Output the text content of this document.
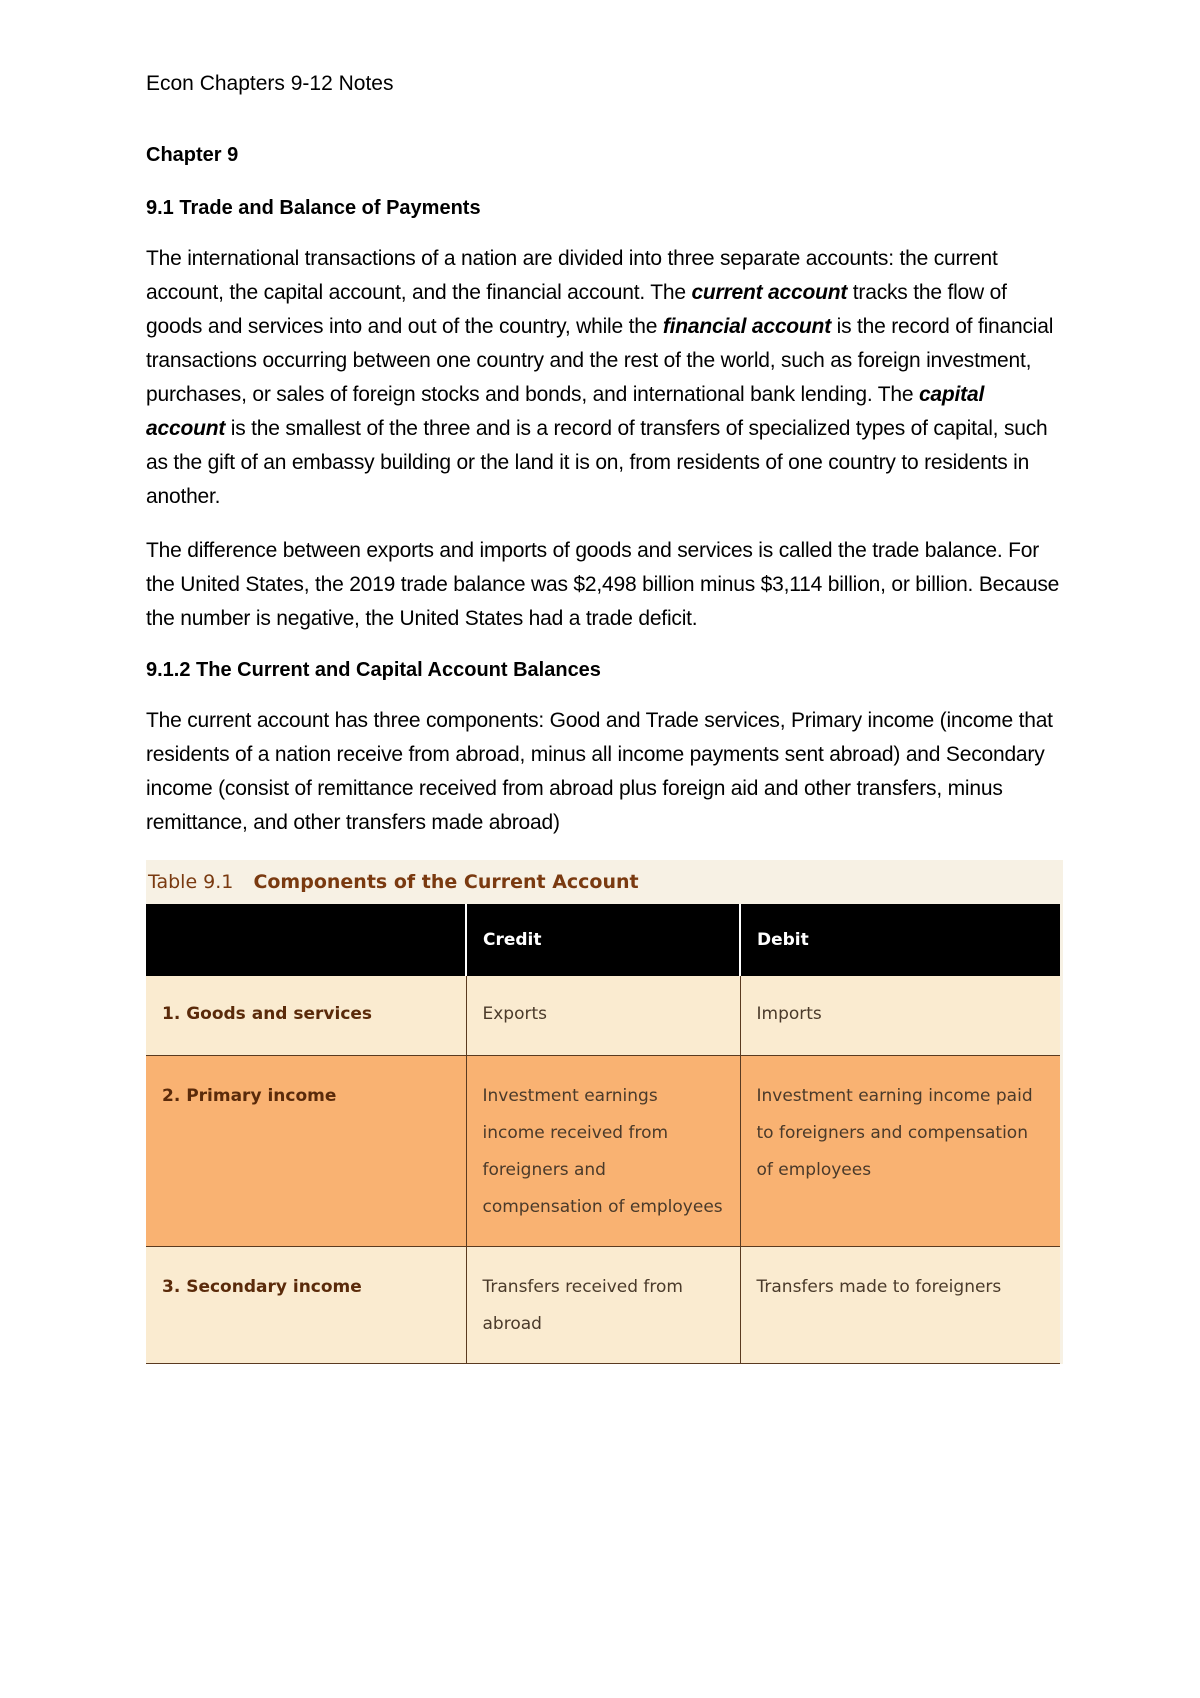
Econ Chapters 9-12 Notes
Chapter 9
9.1 Trade and Balance of Payments

The international transactions of a nation are divided into three separate accounts: the current account, the capital account, and the financial account. The current account tracks the flow of goods and services into and out of the country, while the financial account is the record of financial transactions occurring between one country and the rest of the world, such as foreign investment, purchases, or sales of foreign stocks and bonds, and international bank lending. The capital account is the smallest of the three and is a record of transfers of specialized types of capital, such as the gift of an embassy building or the land it is on, from residents of one country to residents in another.

The difference between exports and imports of goods and services is called the trade balance. For the United States, the 2019 trade balance was $2,498 billion minus $3,114 billion, or billion. Because the number is negative, the United States had a trade deficit.

9.1.2 The Current and Capital Account Balances

The current account has three components: Good and Trade services, Primary income (income that residents of a nation receive from abroad, minus all income payments sent abroad) and Secondary income (consist of remittance received from abroad plus foreign aid and other transfers, minus remittance, and other transfers made abroad)

Table 9.1 Components of the Current Account
	Credit	Debit
1. Goods and services	Exports	Imports
2. Primary income	Investment earnings income received from foreigners and compensation of employees	Investment earning income paid to foreigners and compensation of employees
3. Secondary income	Transfers received from abroad	Transfers made to foreigners
